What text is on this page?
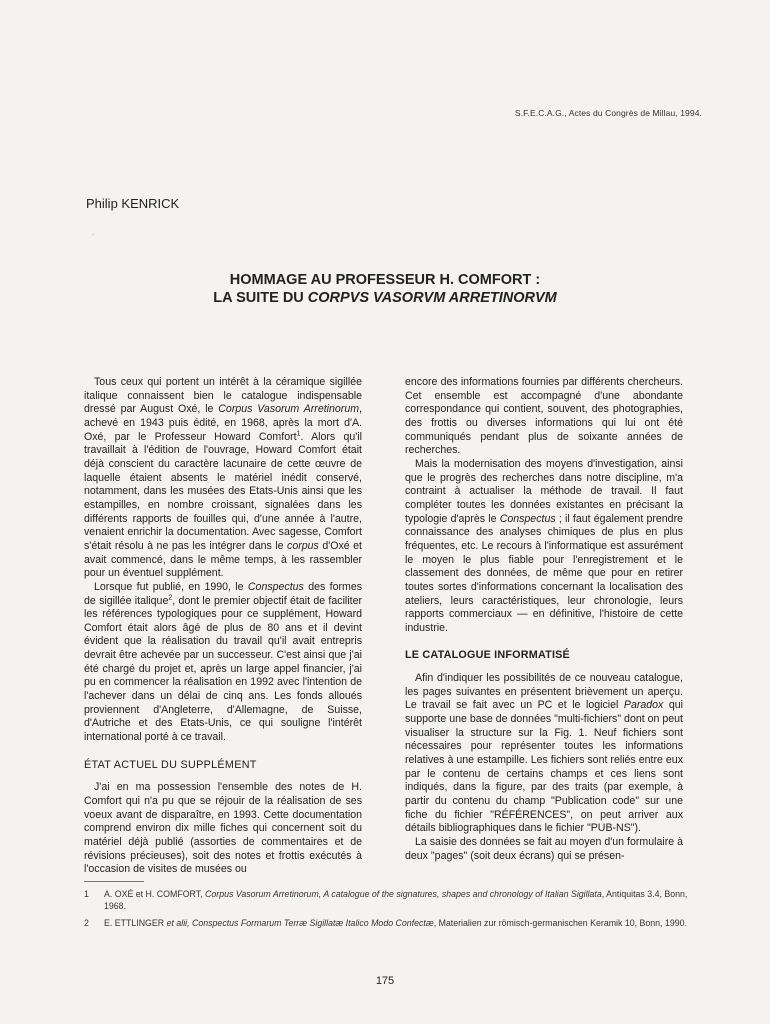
S.F.E.C.A.G., Actes du Congrès de Millau, 1994.
Philip KENRICK
·
HOMMAGE AU PROFESSEUR H. COMFORT :
LA SUITE DU CORPVS VASORVM ARRETINORVM

Tous ceux qui portent un intérêt à la céramique sigillée italique connaissent bien le catalogue indispensable dressé par August Oxé, le Corpus Vasorum Arretinorum, achevé en 1943 puis édité, en 1968, après la mort d'A. Oxé, par le Professeur Howard Comfort$^1$. Alors qu'il travaillait à l'édition de l'ouvrage, Howard Comfort était déjà conscient du caractère lacunaire de cette œuvre de laquelle étaient absents le matériel inédit conservé, notamment, dans les musées des Etats-Unis ainsi que les estampilles, en nombre croissant, signalées dans les différents rapports de fouilles qui, d'une année à l'autre, venaient enrichir la documentation. Avec sagesse, Comfort s'était résolu à ne pas les intégrer dans le corpus d'Oxé et avait commencé, dans le même temps, à les rassembler pour un éventuel supplément.

Lorsque fut publié, en 1990, le Conspectus des formes de sigillée italique$^2$, dont le premier objectif était de faciliter les références typologiques pour ce supplément, Howard Comfort était alors âgé de plus de 80 ans et il devint évident que la réalisation du travail qu'il avait entrepris devrait être achevée par un successeur. C'est ainsi que j'ai été chargé du projet et, après un large appel financier, j'ai pu en commencer la réalisation en 1992 avec l'intention de l'achever dans un délai de cinq ans. Les fonds alloués proviennent d'Angleterre, d'Allemagne, de Suisse, d'Autriche et des Etats-Unis, ce qui souligne l'intérêt international porté à ce travail.

ÉTAT ACTUEL DU SUPPLÉMENT

J'ai en ma possession l'ensemble des notes de H. Comfort qui n'a pu que se réjouir de la réalisation de ses voeux avant de disparaître, en 1993. Cette documentation comprend environ dix mille fiches qui concernent soit du matériel déjà publié (assorties de commentaires et de révisions précieuses), soit des notes et frottis exécutés à l'occasion de visites de musées ou

encore des informations fournies par différents chercheurs. Cet ensemble est accompagné d'une abondante correspondance qui contient, souvent, des photographies, des frottis ou diverses informations qui lui ont été communiqués pendant plus de soixante années de recherches.

Mais la modernisation des moyens d'investigation, ainsi que le progrès des recherches dans notre discipline, m'a contraint à actualiser la méthode de travail. Il faut compléter toutes les données existantes en précisant la typologie d'après le Conspectus ; il faut également prendre connaissance des analyses chimiques de plus en plus fréquentes, etc. Le recours à l'informatique est assurément le moyen le plus fiable pour l'enregistrement et le classement des données, de même que pour en retirer toutes sortes d'informations concernant la localisation des ateliers, leurs caractéristiques, leur chronologie, leurs rapports commerciaux — en définitive, l'histoire de cette industrie.

LE CATALOGUE INFORMATISÉ

Afin d'indiquer les possibilités de ce nouveau catalogue, les pages suivantes en présentent brièvement un aperçu. Le travail se fait avec un PC et le logiciel Paradox qui supporte une base de données "multi-fichiers" dont on peut visualiser la structure sur la Fig. 1. Neuf fichiers sont nécessaires pour représenter toutes les informations relatives à une estampille. Les fichiers sont reliés entre eux par le contenu de certains champs et ces liens sont indiqués, dans la figure, par des traits (par exemple, à partir du contenu du champ "Publication code" sur une fiche du fichier "RÉFÉRENCES", on peut arriver aux détails bibliographiques dans le fichier "PUB-NS").

La saisie des données se fait au moyen d'un formulaire à deux "pages" (soit deux écrans) qui se présen-

1 A. OXÉ et H. COMFORT, Corpus Vasorum Arretinorum, A catalogue of the signatures, shapes and chronology of Italian Sigillata, Antiquitas 3.4, Bonn, 1968.
2 E. ETTLINGER et alii, Conspectus Formarum Terræ Sigillatæ Italico Modo Confectæ, Materialien zur römisch-germanischen Keramik 10, Bonn, 1990.
175
